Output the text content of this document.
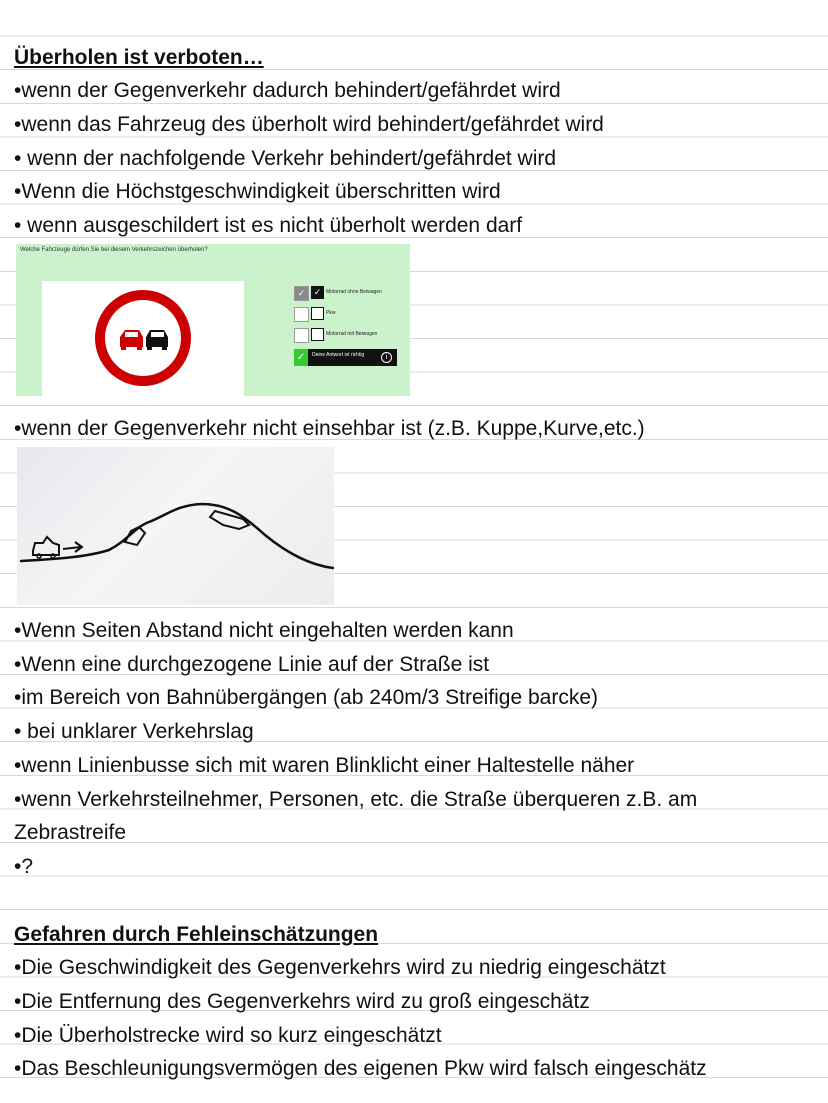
Überholen ist verboten…
•wenn der Gegenverkehr dadurch behindert/gefährdet wird
•wenn das Fahrzeug des überholt wird behindert/gefährdet wird
• wenn der nachfolgende Verkehr behindert/gefährdet wird
•Wenn die Höchstgeschwindigkeit überschritten wird
• wenn ausgeschildert ist es nicht überholt werden darf
Welche Fahrzeuge dürfen Sie bei diesem Verkehrszeichen überholen?
✓ ✓ Motorrad ohne Beiwagen
Pkw
Motorrad mit Beiwagen
✓	Deine Antwort ist richtig	i
•wenn der Gegenverkehr nicht einsehbar ist (z.B. Kuppe,Kurve,etc.)
•Wenn Seiten Abstand nicht eingehalten werden kann
•Wenn eine durchgezogene Linie auf der Straße ist
•im Bereich von Bahnübergängen (ab 240m/3 Streifige barcke)
• bei unklarer Verkehrslag
•wenn Linienbusse sich mit waren Blinklicht einer Haltestelle näher
•wenn Verkehrsteilnehmer, Personen, etc. die Straße überqueren z.B. am
Zebrastreife
•?
Gefahren durch Fehleinschätzungen
•Die Geschwindigkeit des Gegenverkehrs wird zu niedrig eingeschätzt
•Die Entfernung des Gegenverkehrs wird zu groß eingeschätz
•Die Überholstrecke wird so kurz eingeschätzt
•Das Beschleunigungsvermögen des eigenen Pkw wird falsch eingeschätz
